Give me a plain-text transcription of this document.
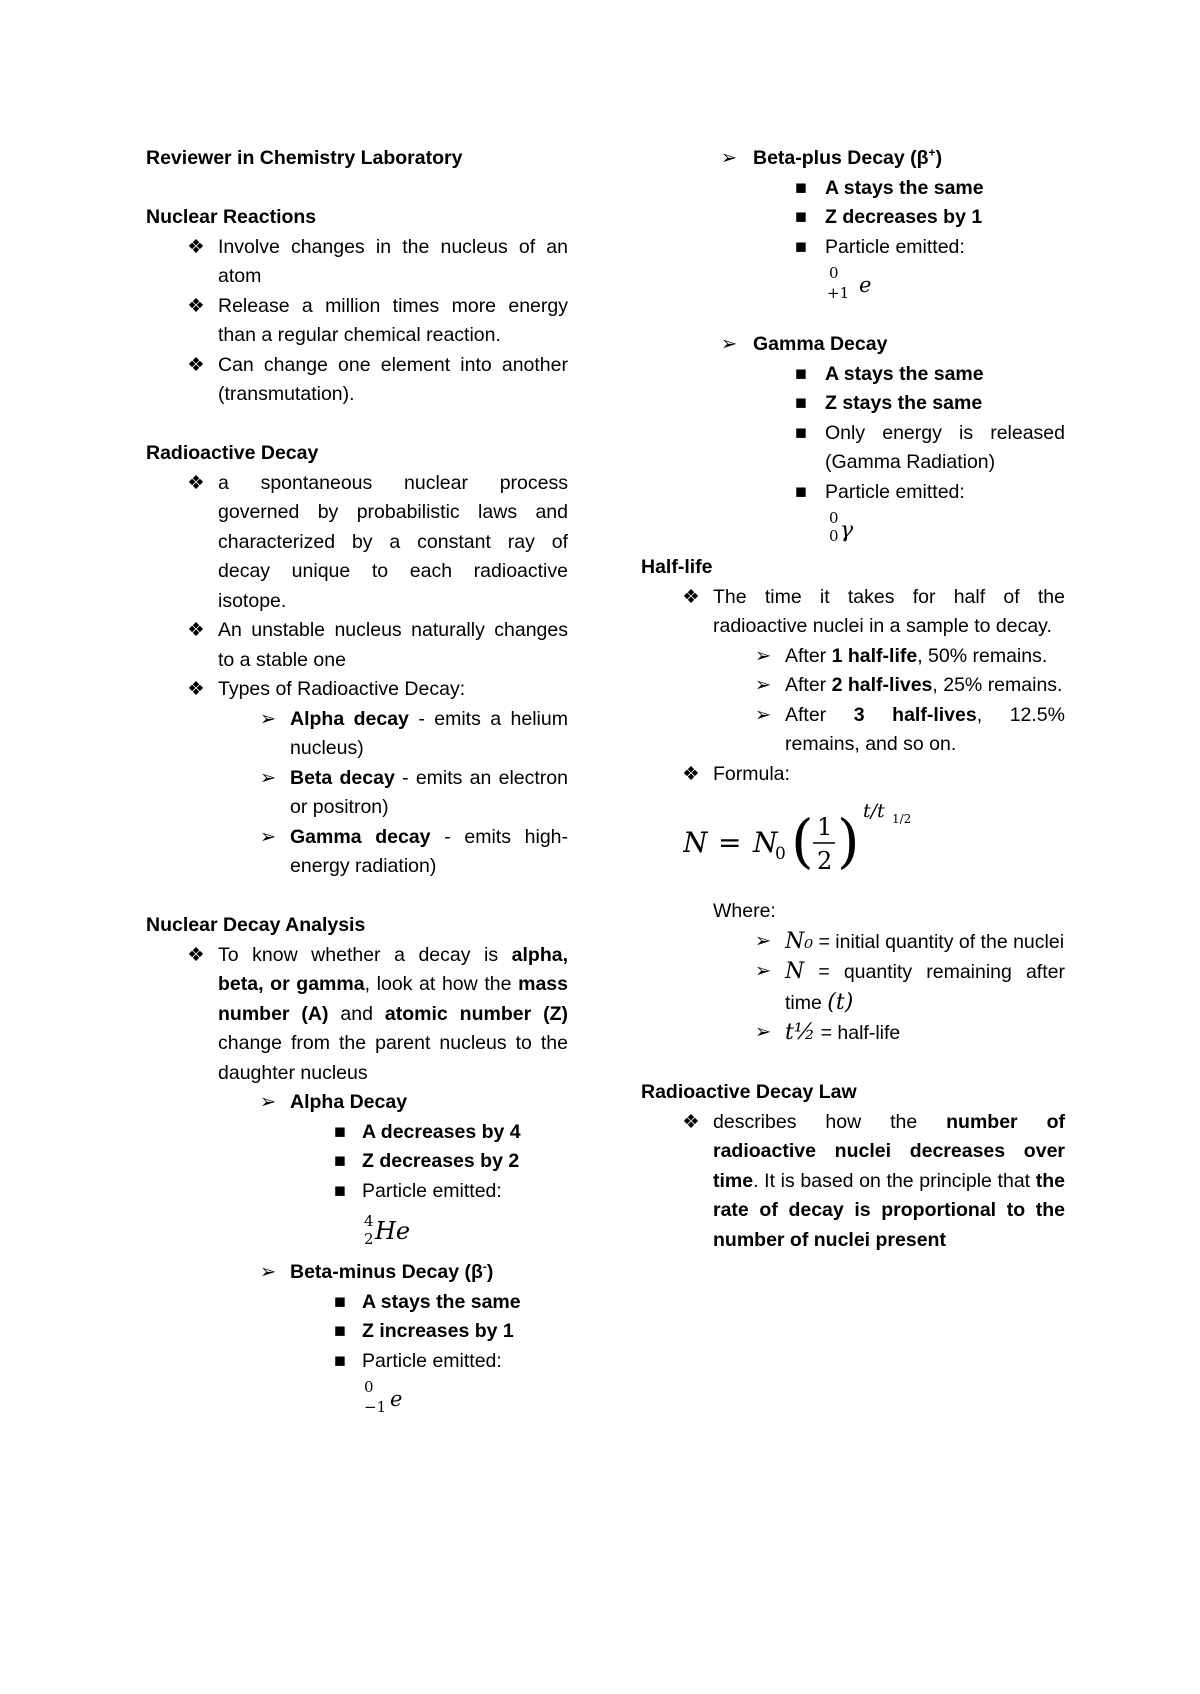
Reviewer in Chemistry Laboratory

Nuclear Reactions

❖ Involve changes in the nucleus of an atom
❖ Release a million times more energy than a regular chemical reaction.
❖ Can change one element into another (transmutation).

Radioactive Decay

❖ a spontaneous nuclear process governed by probabilistic laws and characterized by a constant ray of decay unique to each radioactive isotope.
❖ An unstable nucleus naturally changes to a stable one
❖ Types of Radioactive Decay:
➢ Alpha decay - emits a helium nucleus)
➢ Beta decay - emits an electron or positron)
➢ Gamma decay - emits high-energy radiation)

Nuclear Decay Analysis

❖ To know whether a decay is alpha, beta, or gamma, look at how the mass number (A) and atomic number (Z) change from the parent nucleus to the daughter nucleus
➢ Alpha Decay
■ A decreases by 4
■ Z decreases by 2
■ Particle emitted:
4
2 He
➢ Beta-minus Decay (β-)
■ A stays the same
■ Z increases by 1
■ Particle emitted:
0
−1 e
➢ Beta-plus Decay (β+)
■ A stays the same
■ Z decreases by 1
■ Particle emitted:
0
+1 e
➢ Gamma Decay
■ A stays the same
■ Z stays the same
■ Only energy is released (Gamma Radiation)
■ Particle emitted:
0
0 γ

Half-life

❖ The time it takes for half of the radioactive nuclei in a sample to decay.
➢ After 1 half-life, 50% remains.
➢ After 2 half-lives, 25% remains.
➢ After 3 half-lives, 12.5% remains, and so on.
❖ Formula:
N = N
0 ( 1
2 ) t/t 1/2

Where:

➢ N₀ = initial quantity of the nuclei
➢ N = quantity remaining after time (t)
➢ t½ = half-life

Radioactive Decay Law

❖ describes how the number of radioactive nuclei decreases over time. It is based on the principle that the rate of decay is proportional to the number of nuclei present
